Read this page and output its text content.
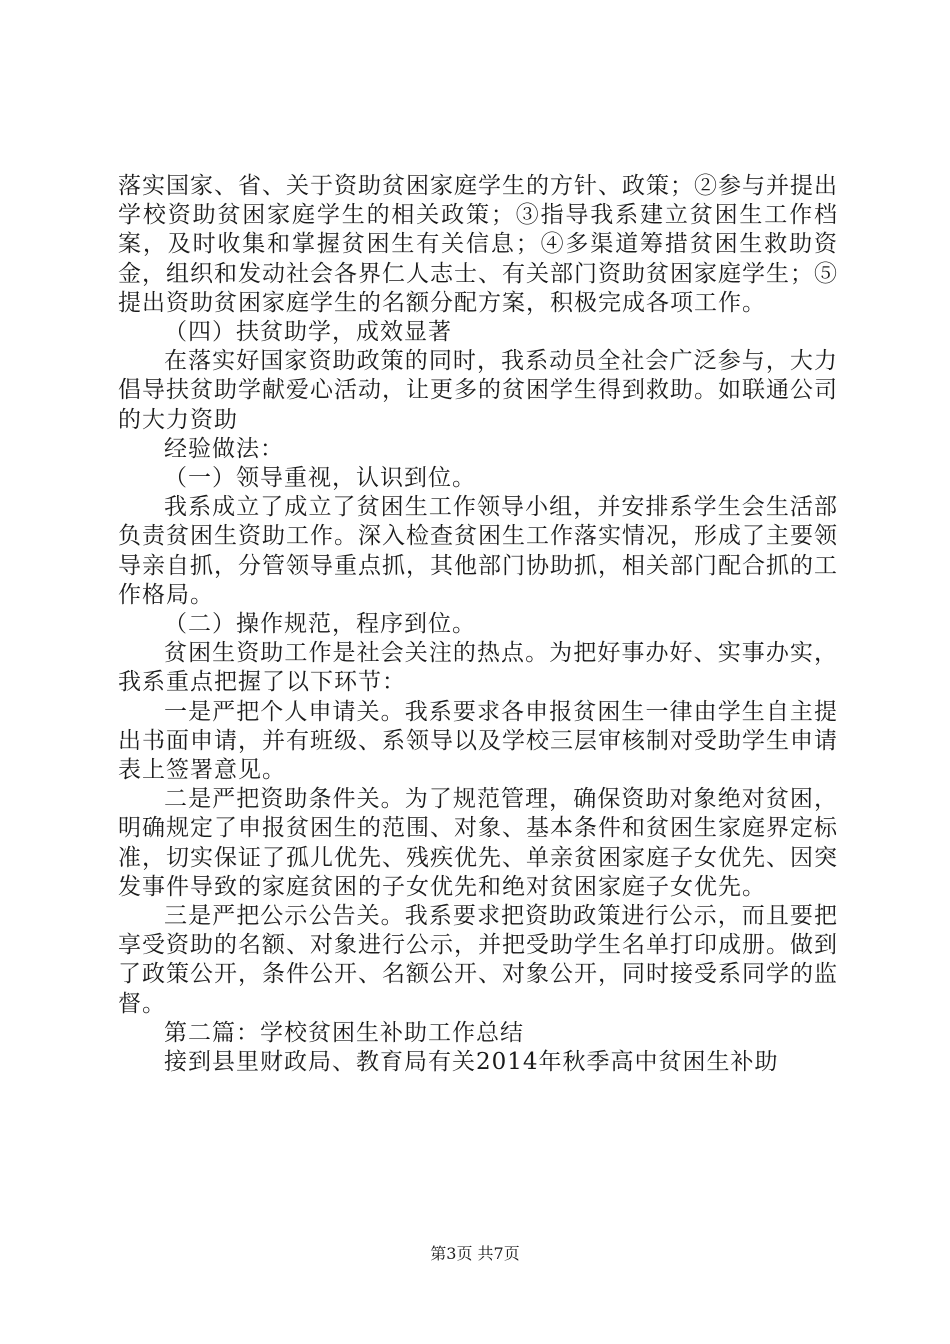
落实国家、省、关于资助贫困家庭学生的方针、政策；②参与并提出学校资助贫困家庭学生的相关政策；③指导我系建立贫困生工作档案，及时收集和掌握贫困生有关信息；④多渠道筹措贫困生救助资金，组织和发动社会各界仁人志士、有关部门资助贫困家庭学生；⑤提出资助贫困家庭学生的名额分配方案，积极完成各项工作。

（四）扶贫助学，成效显著

在落实好国家资助政策的同时，我系动员全社会广泛参与，大力倡导扶贫助学献爱心活动，让更多的贫困学生得到救助。如联通公司的大力资助

经验做法：

（一）领导重视，认识到位。

我系成立了成立了贫困生工作领导小组，并安排系学生会生活部负责贫困生资助工作。深入检查贫困生工作落实情况，形成了主要领导亲自抓，分管领导重点抓，其他部门协助抓，相关部门配合抓的工作格局。

（二）操作规范，程序到位。

贫困生资助工作是社会关注的热点。为把好事办好、实事办实，我系重点把握了以下环节：

一是严把个人申请关。我系要求各申报贫困生一律由学生自主提出书面申请，并有班级、系领导以及学校三层审核制对受助学生申请表上签署意见。

二是严把资助条件关。为了规范管理，确保资助对象绝对贫困，明确规定了申报贫困生的范围、对象、基本条件和贫困生家庭界定标准，切实保证了孤儿优先、残疾优先、单亲贫困家庭子女优先、因突发事件导致的家庭贫困的子女优先和绝对贫困家庭子女优先。

三是严把公示公告关。我系要求把资助政策进行公示，而且要把享受资助的名额、对象进行公示，并把受助学生名单打印成册。做到了政策公开，条件公开、名额公开、对象公开，同时接受系同学的监督。

第二篇：学校贫困生补助工作总结

接到县里财政局、教育局有关2014年秋季高中贫困生补助

第3页 共7页
